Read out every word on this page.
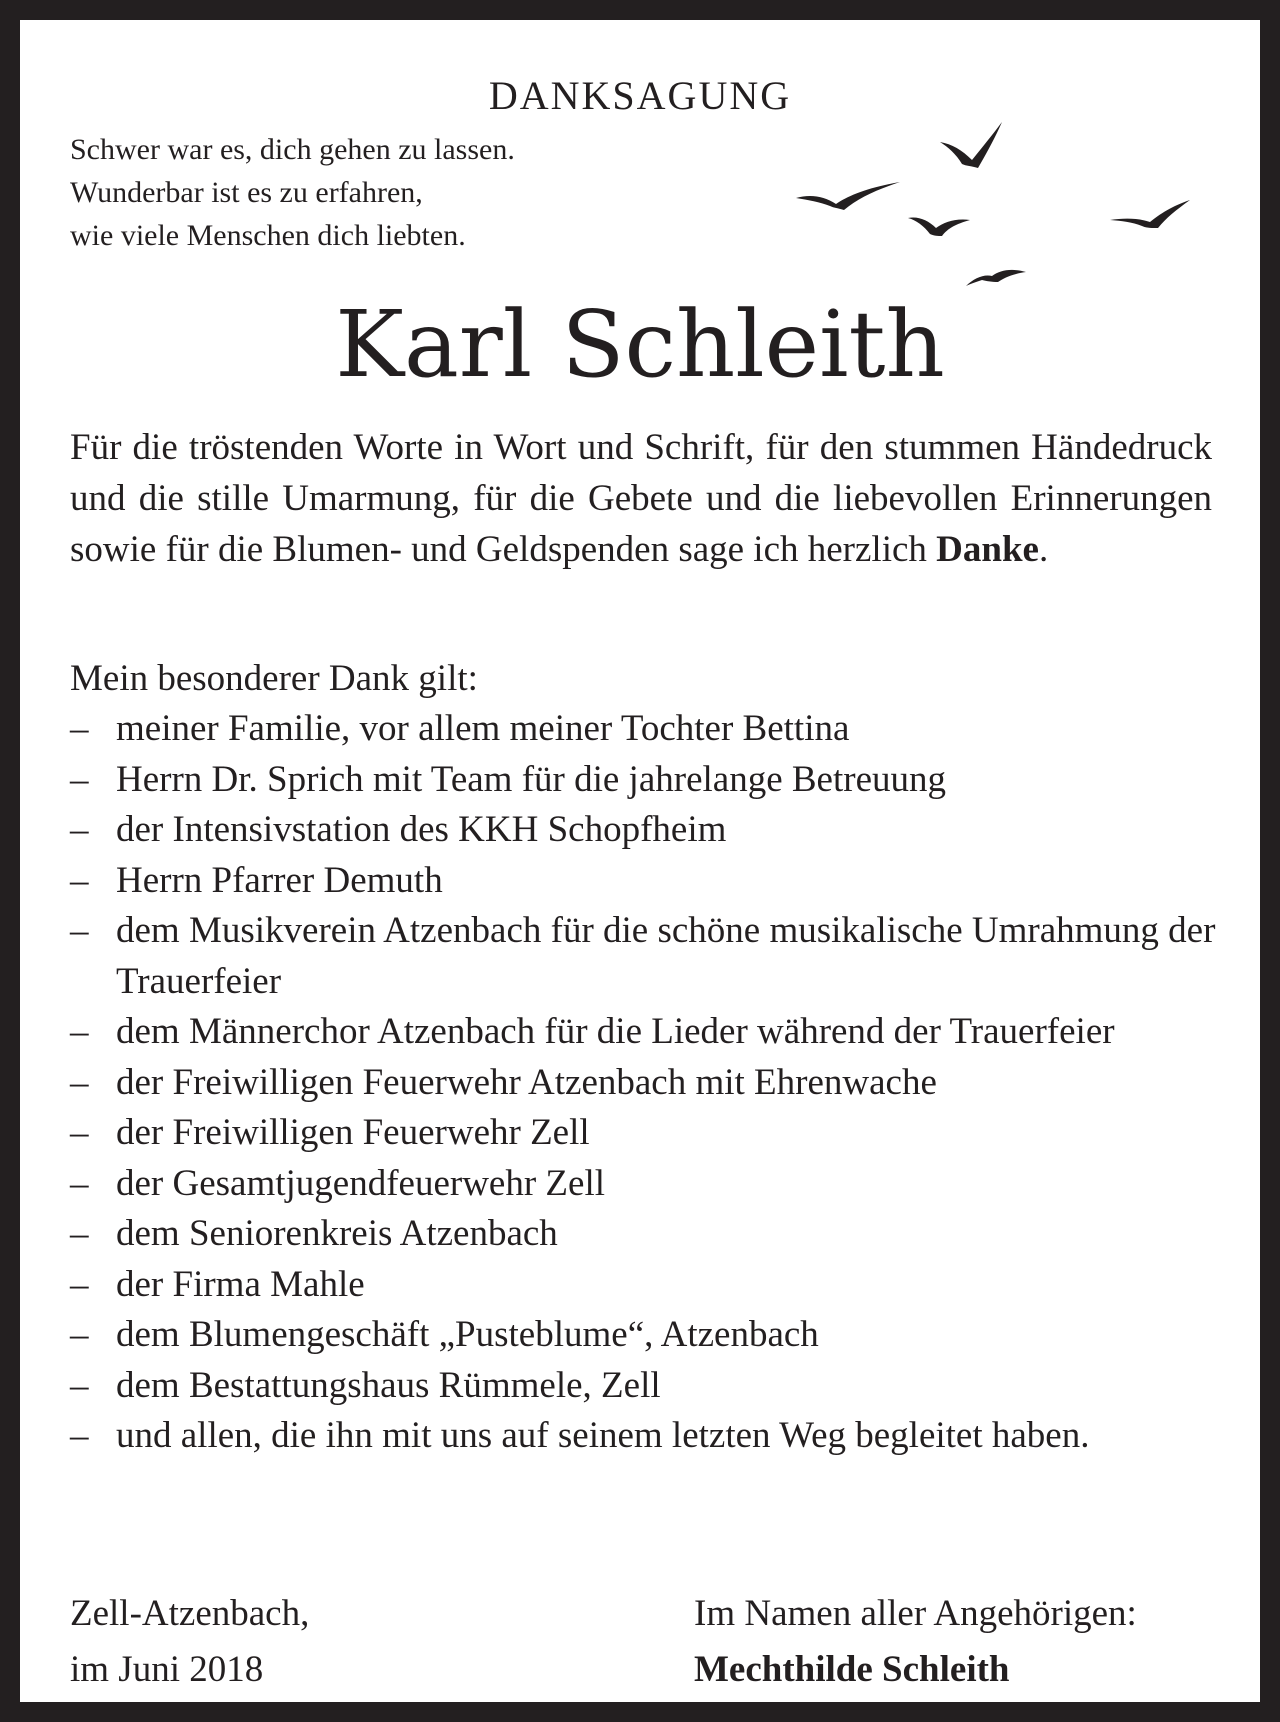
DANKSAGUNG
Schwer war es, dich gehen zu lassen.
Wunderbar ist es zu erfahren,
wie viele Menschen dich liebten.
Karl Schleith
Für die tröstenden Worte in Wort und Schrift, für den stummen Händedruck und die stille Umarmung, für die Gebete und die liebevollen Erinnerungen sowie für die Blumen- und Geldspenden sage ich herzlich Danke.
Mein besonderer Dank gilt:
– meiner Familie, vor allem meiner Tochter Bettina
– Herrn Dr. Sprich mit Team für die jahrelange Betreuung
– der Intensivstation des KKH Schopfheim
– Herrn Pfarrer Demuth
– dem Musikverein Atzenbach für die schöne musikalische Umrahmung der Trauerfeier
– dem Männerchor Atzenbach für die Lieder während der Trauerfeier
– der Freiwilligen Feuerwehr Atzenbach mit Ehrenwache
– der Freiwilligen Feuerwehr Zell
– der Gesamtjugendfeuerwehr Zell
– dem Seniorenkreis Atzenbach
– der Firma Mahle
– dem Blumengeschäft „Pusteblume“, Atzenbach
– dem Bestattungshaus Rümmele, Zell
– und allen, die ihn mit uns auf seinem letzten Weg begleitet haben.
Zell-Atzenbach,
im Juni 2018
Im Namen aller Angehörigen:
Mechthilde Schleith
